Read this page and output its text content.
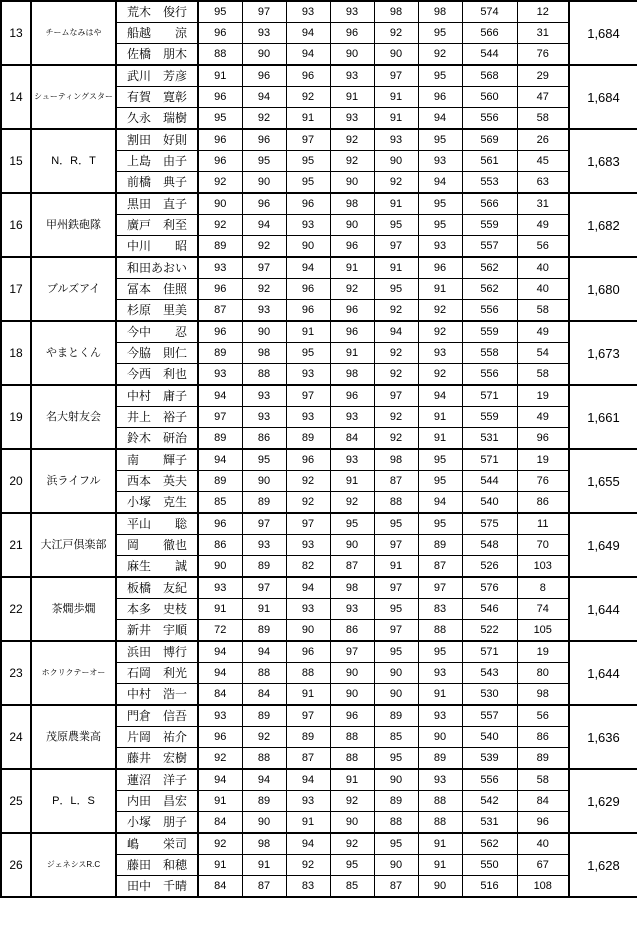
13	チームなみはや	荒木　俊行	95	97	93	93	98	98	574	12	1,684
		船越　　涼	96	93	94	96	92	95	566	31	
		佐橋　朋木	88	90	94	90	90	92	544	76	
14	シューティングスター	武川　芳彦	91	96	96	93	97	95	568	29	1,684
		有賀　寛彰	96	94	92	91	91	96	560	47	
		久永　瑞樹	95	92	91	93	91	94	556	58	
15	N．R．T	割田　好則	96	96	97	92	93	95	569	26	1,683
		上島　由子	96	95	95	92	90	93	561	45	
		前橋　典子	92	90	95	90	92	94	553	63	
16	甲州鉄砲隊	黒田　直子	90	96	96	98	91	95	566	31	1,682
		廣戸　利至	92	94	93	90	95	95	559	49	
		中川　　昭	89	92	90	96	97	93	557	56	
17	ブルズアイ	和田あおい	93	97	94	91	91	96	562	40	1,680
		冨本　佳照	96	92	96	92	95	91	562	40	
		杉原　里美	87	93	96	96	92	92	556	58	
18	やまとくん	今中　　忍	96	90	91	96	94	92	559	49	1,673
		今脇　則仁	89	98	95	91	92	93	558	54	
		今西　利也	93	88	93	98	92	92	556	58	
19	名大射友会	中村　庸子	94	93	97	96	97	94	571	19	1,661
		井上　裕子	97	93	93	93	92	91	559	49	
		鈴木　研治	89	86	89	84	92	91	531	96	
20	浜ライフル	南　　輝子	94	95	96	93	98	95	571	19	1,655
		西本　英夫	89	90	92	91	87	95	544	76	
		小塚　克生	85	89	92	92	88	94	540	86	
21	大江戸倶楽部	平山　　聡	96	97	97	95	95	95	575	11	1,649
		岡　　徹也	86	93	93	90	97	89	548	70	
		麻生　　誠	90	89	82	87	91	87	526	103	
22	茶燗歩燗	板橋　友紀	93	97	94	98	97	97	576	8	1,644
		本多　史枝	91	91	93	93	95	83	546	74	
		新井　宇順	72	89	90	86	97	88	522	105	
23	ホクリクテーオー	浜田　博行	94	94	96	97	95	95	571	19	1,644
		石岡　利光	94	88	88	90	90	93	543	80	
		中村　浩一	84	84	91	90	90	91	530	98	
24	茂原農業高	門倉　信吾	93	89	97	96	89	93	557	56	1,636
		片岡　祐介	96	92	89	88	85	90	540	86	
		藤井　宏樹	92	88	87	88	95	89	539	89	
25	P．L．S	蓮沼　洋子	94	94	94	91	90	93	556	58	1,629
		内田　昌宏	91	89	93	92	89	88	542	84	
		小塚　朋子	84	90	91	90	88	88	531	96	
26	ジェネシスR.C	嶋　　栄司	92	98	94	92	95	91	562	40	1,628
		藤田　和穂	91	91	92	95	90	91	550	67	
		田中　千晴	84	87	83	85	87	90	516	108	
